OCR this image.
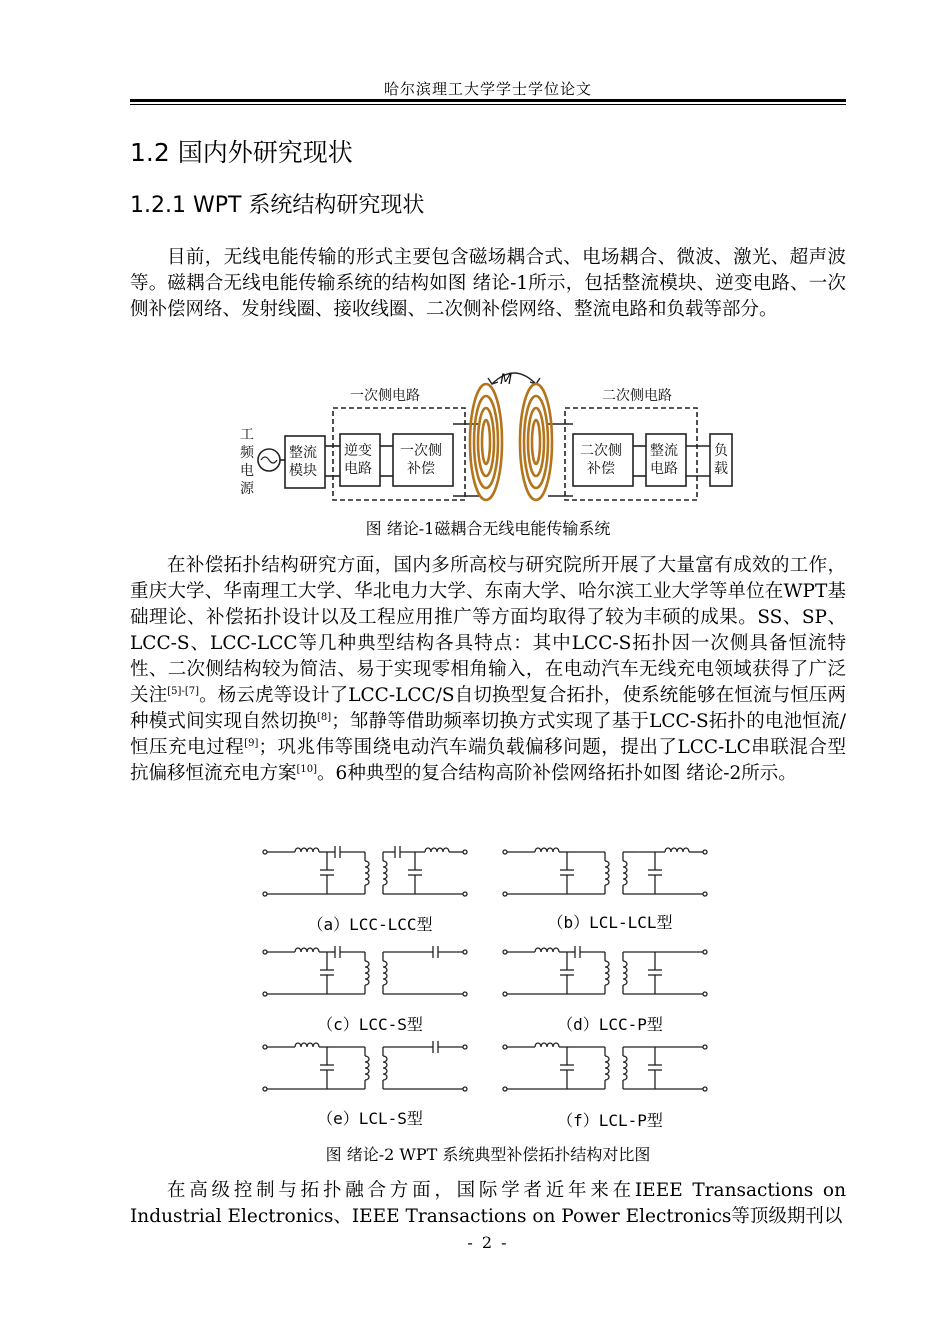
哈尔滨理工大学学士学位论文
1.2 国内外研究现状
1.2.1 WPT 系统结构研究现状

目前，无线电能传输的形式主要包含磁场耦合式、电场耦合、微波、激光、超声波等。磁耦合无线电能传输系统的结构如图 绪论-1所示，包括整流模块、逆变电路、一次侧补偿网络、发射线圈、接收线圈、二次侧补偿网络、整流电路和负载等部分。

工
频
电
源
一次侧电路	二次侧电路
M
整流
模块
逆变
电路
一次侧
补偿
二次侧
补偿
整流
电路
负
载
图 绪论-1磁耦合无线电能传输系统

在补偿拓扑结构研究方面，国内多所高校与研究院所开展了大量富有成效的工作，重庆大学、华南理工大学、华北电力大学、东南大学、哈尔滨工业大学等单位在WPT基础理论、补偿拓扑设计以及工程应用推广等方面均取得了较为丰硕的成果。SS、SP、LCC-S、LCC-LCC等几种典型结构各具特点：其中LCC-S拓扑因一次侧具备恒流特性、二次侧结构较为简洁、易于实现零相角输入，在电动汽车无线充电领域获得了广泛关注[5]-[7]。杨云虎等设计了LCC-LCC/S自切换型复合拓扑，使系统能够在恒流与恒压两种模式间实现自然切换[8]；邹静等借助频率切换方式实现了基于LCC-S拓扑的电池恒流/恒压充电过程[9]；巩兆伟等围绕电动汽车端负载偏移问题，提出了LCC-LC串联混合型抗偏移恒流充电方案[10]。6种典型的复合结构高阶补偿网络拓扑如图 绪论-2所示。

（a）LCC-LCC型	（b）LCL-LCL型
（c）LCC-S型	（d）LCC-P型
（e）LCL-S型	（f）LCL-P型
图 绪论-2 WPT 系统典型补偿拓扑结构对比图

在高级控制与拓扑融合方面，国际学者近年来在IEEE Transactions on Industrial Electronics、IEEE Transactions on Power Electronics等顶级期刊以

- 2 -
